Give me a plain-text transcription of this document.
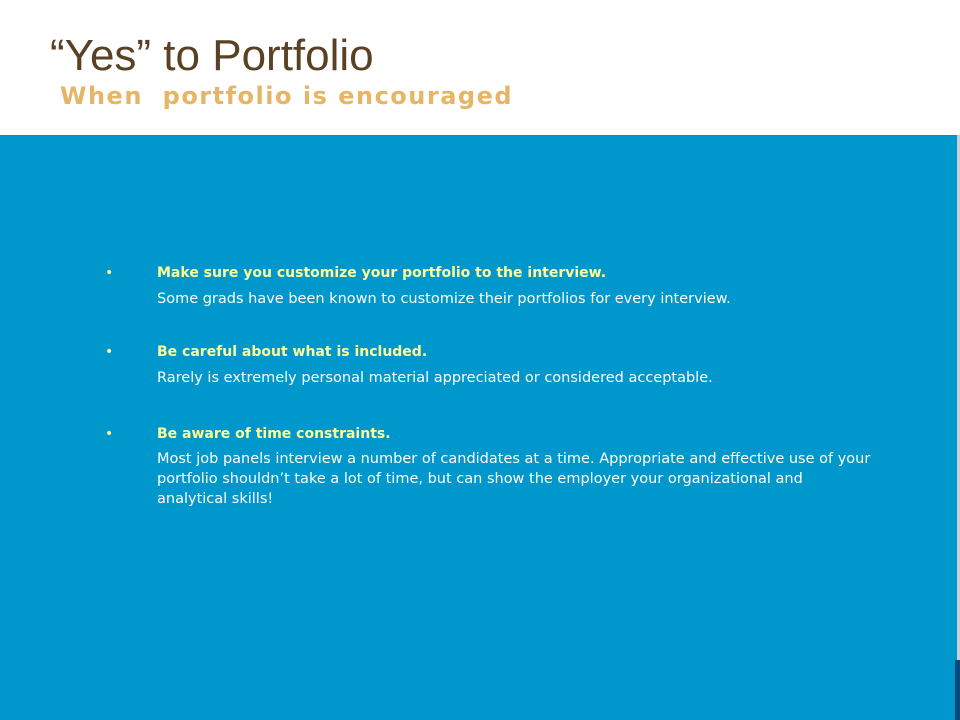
“Yes” to Portfolio
When  portfolio is encouraged
•	Make sure you customize your portfolio to the interview.

Some grads have been known to customize their portfolios for every interview.

•	Be careful about what is included.

Rarely is extremely personal material appreciated or considered acceptable.

•	Be aware of time constraints.

Most job panels interview a number of candidates at a time. Appropriate and effective use of your portfolio shouldn’t take a lot of time, but can show the employer your organizational and analytical skills!
